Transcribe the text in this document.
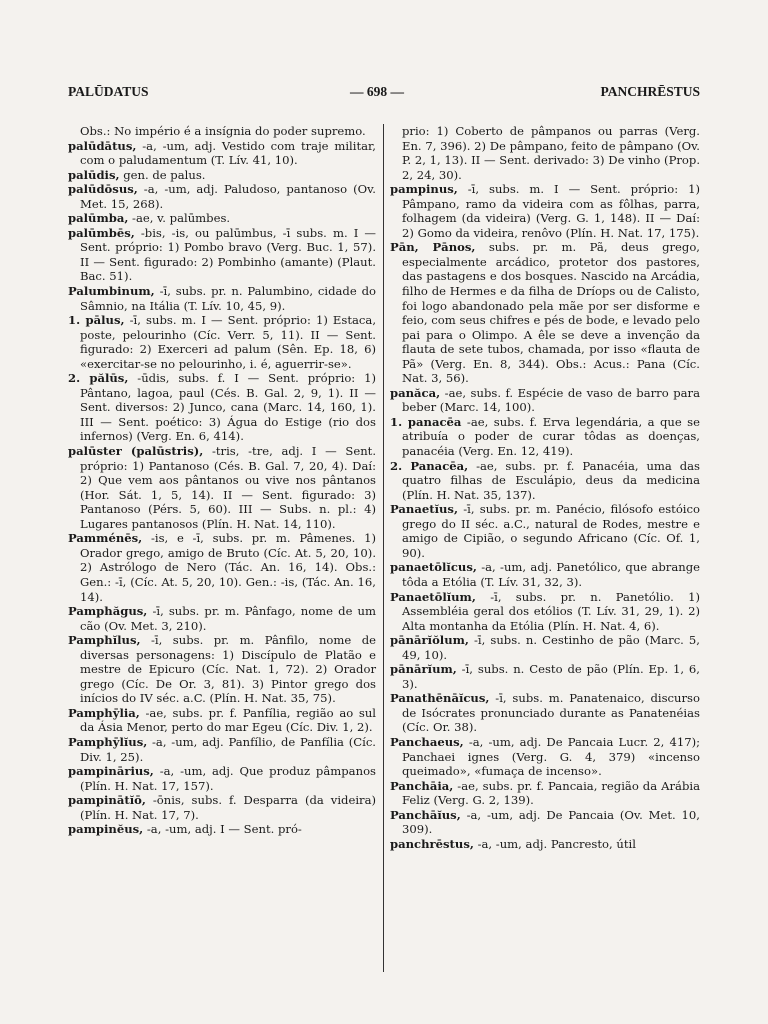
PALŪDATUS	— 698 —	PANCHRĒSTUS

Obs.: No império é a insígnia do poder supremo.

palūdātus, -a, -um, adj. Vestido com traje militar, com o paludamentum (T. Lív. 41, 10).

palūdis, gen. de palus.

palūdōsus, -a, -um, adj. Paludoso, pantanoso (Ov. Met. 15, 268).

palūmba, -ae, v. palūmbes.

palūmbēs, -bis, -is, ou palūmbus, -ī subs. m. I — Sent. próprio: 1) Pombo bravo (Verg. Buc. 1, 57). II — Sent. figurado: 2) Pombinho (amante) (Plaut. Bac. 51).

Palumbinum, -ī, subs. pr. n. Palumbino, cidade do Sâmnio, na Itália (T. Lív. 10, 45, 9).

1. pālus, -ī, subs. m. I — Sent. próprio: 1) Estaca, poste, pelourinho (Cíc. Verr. 5, 11). II — Sent. figurado: 2) Exerceri ad palum (Sên. Ep. 18, 6) «exercitar-se no pelourinho, i. é, aguerrir-se».

2. pălūs, -ūdis, subs. f. I — Sent. próprio: 1) Pântano, lagoa, paul (Cés. B. Gal. 2, 9, 1). II — Sent. diversos: 2) Junco, cana (Marc. 14, 160, 1). III — Sent. poético: 3) Água do Estige (rio dos infernos) (Verg. En. 6, 414).

palūster (palūstris), -tris, -tre, adj. I — Sent. próprio: 1) Pantanoso (Cés. B. Gal. 7, 20, 4). Daí: 2) Que vem aos pântanos ou vive nos pântanos (Hor. Sát. 1, 5, 14). II — Sent. figurado: 3) Pantanoso (Pérs. 5, 60). III — Subs. n. pl.: 4) Lugares pantanosos (Plín. H. Nat. 14, 110).

Pamménēs, -is, e -ī, subs. pr. m. Pâmenes. 1) Orador grego, amigo de Bruto (Cíc. At. 5, 20, 10). 2) Astrólogo de Nero (Tác. An. 16, 14). Obs.: Gen.: -ī, (Cíc. At. 5, 20, 10). Gen.: -is, (Tác. An. 16, 14).

Pamphăgus, -ī, subs. pr. m. Pânfago, nome de um cão (Ov. Met. 3, 210).

Pamphĭlus, -ī, subs. pr. m. Pânfilo, nome de diversas personagens: 1) Discípulo de Platão e mestre de Epicuro (Cíc. Nat. 1, 72). 2) Orador grego (Cíc. De Or. 3, 81). 3) Pintor grego dos inícios do IV séc. a.C. (Plín. H. Nat. 35, 75).

Pamphȳlia, -ae, subs. pr. f. Panfília, região ao sul da Ásia Menor, perto do mar Egeu (Cíc. Div. 1, 2).

Pamphȳlĭus, -a, -um, adj. Panfílio, de Panfília (Cíc. Div. 1, 25).

pampinārius, -a, -um, adj. Que produz pâmpanos (Plín. H. Nat. 17, 157).

pampinātĭō, -ōnis, subs. f. Desparra (da videira) (Plín. H. Nat. 17, 7).

pampinĕus, -a, -um, adj. I — Sent. pró-

prio: 1) Coberto de pâmpanos ou parras (Verg. En. 7, 396). 2) De pâmpano, feito de pâmpano (Ov. P. 2, 1, 13). II — Sent. derivado: 3) De vinho (Prop. 2, 24, 30).

pampinus, -ī, subs. m. I — Sent. próprio: 1) Pâmpano, ramo da videira com as fôlhas, parra, folhagem (da videira) (Verg. G. 1, 148). II — Daí: 2) Gomo da videira, renôvo (Plín. H. Nat. 17, 175).

Pān, Pānos, subs. pr. m. Pã, deus grego, especialmente arcádico, protetor dos pastores, das pastagens e dos bosques. Nascido na Arcádia, filho de Hermes e da filha de Dríops ou de Calisto, foi logo abandonado pela mãe por ser disforme e feio, com seus chifres e pés de bode, e levado pelo pai para o Olimpo. A êle se deve a invenção da flauta de sete tubos, chamada, por isso «flauta de Pã» (Verg. En. 8, 344). Obs.: Acus.: Pana (Cíc. Nat. 3, 56).

panăca, -ae, subs. f. Espécie de vaso de barro para beber (Marc. 14, 100).

1. panacēa -ae, subs. f. Erva legendária, a que se atribuía o poder de curar tôdas as doenças, panacéia (Verg. En. 12, 419).

2. Panacēa, -ae, subs. pr. f. Panacéia, uma das quatro filhas de Esculápio, deus da medicina (Plín. H. Nat. 35, 137).

Panaetĭus, -ī, subs. pr. m. Panécio, filósofo estóico grego do II séc. a.C., natural de Rodes, mestre e amigo de Cipião, o segundo Africano (Cíc. Of. 1, 90).

panaetōlĭcus, -a, -um, adj. Panetólico, que abrange tôda a Etólia (T. Lív. 31, 32, 3).

Panaetōlĭum, -ī, subs. pr. n. Panetólio. 1) Assembléia geral dos etólios (T. Lív. 31, 29, 1). 2) Alta montanha da Etólia (Plín. H. Nat. 4, 6).

pānārĭŏlum, -ī, subs. n. Cestinho de pão (Marc. 5, 49, 10).

pānārĭum, -ī, subs. n. Cesto de pão (Plín. Ep. 1, 6, 3).

Panathēnāĭcus, -ī, subs. m. Panatenaico, discurso de Isócrates pronunciado durante as Panatenéias (Cíc. Or. 38).

Panchaeus, -a, -um, adj. De Pancaia Lucr. 2, 417); Panchaei ignes (Verg. G. 4, 379) «incenso queimado», «fumaça de incenso».

Panchāia, -ae, subs. pr. f. Pancaia, região da Arábia Feliz (Verg. G. 2, 139).

Panchāĭus, -a, -um, adj. De Pancaia (Ov. Met. 10, 309).

panchrēstus, -a, -um, adj. Pancresto, útil
